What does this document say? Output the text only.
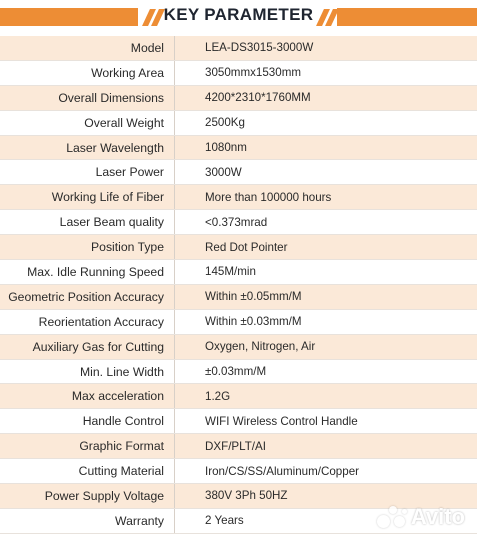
KEY PARAMETER
Model	LEA-DS3015-3000W
Working Area	3050mmx1530mm
Overall Dimensions	4200*2310*1760MM
Overall Weight	2500Kg
Laser Wavelength	1080nm
Laser Power	3000W
Working Life of Fiber	More than 100000 hours
Laser Beam quality	<0.373mrad
Position Type	Red Dot Pointer
Max. Idle Running Speed	145M/min
Geometric Position Accuracy	Within ±0.05mm/M
Reorientation Accuracy	Within ±0.03mm/M
Auxiliary Gas for Cutting	Oxygen, Nitrogen, Air
Min. Line Width	±0.03mm/M
Max acceleration	1.2G
Handle Control	WIFI Wireless Control Handle
Graphic Format	DXF/PLT/AI
Cutting Material	Iron/CS/SS/Aluminum/Copper
Power Supply Voltage	380V 3Ph 50HZ
Warranty	2 Years	Avito
